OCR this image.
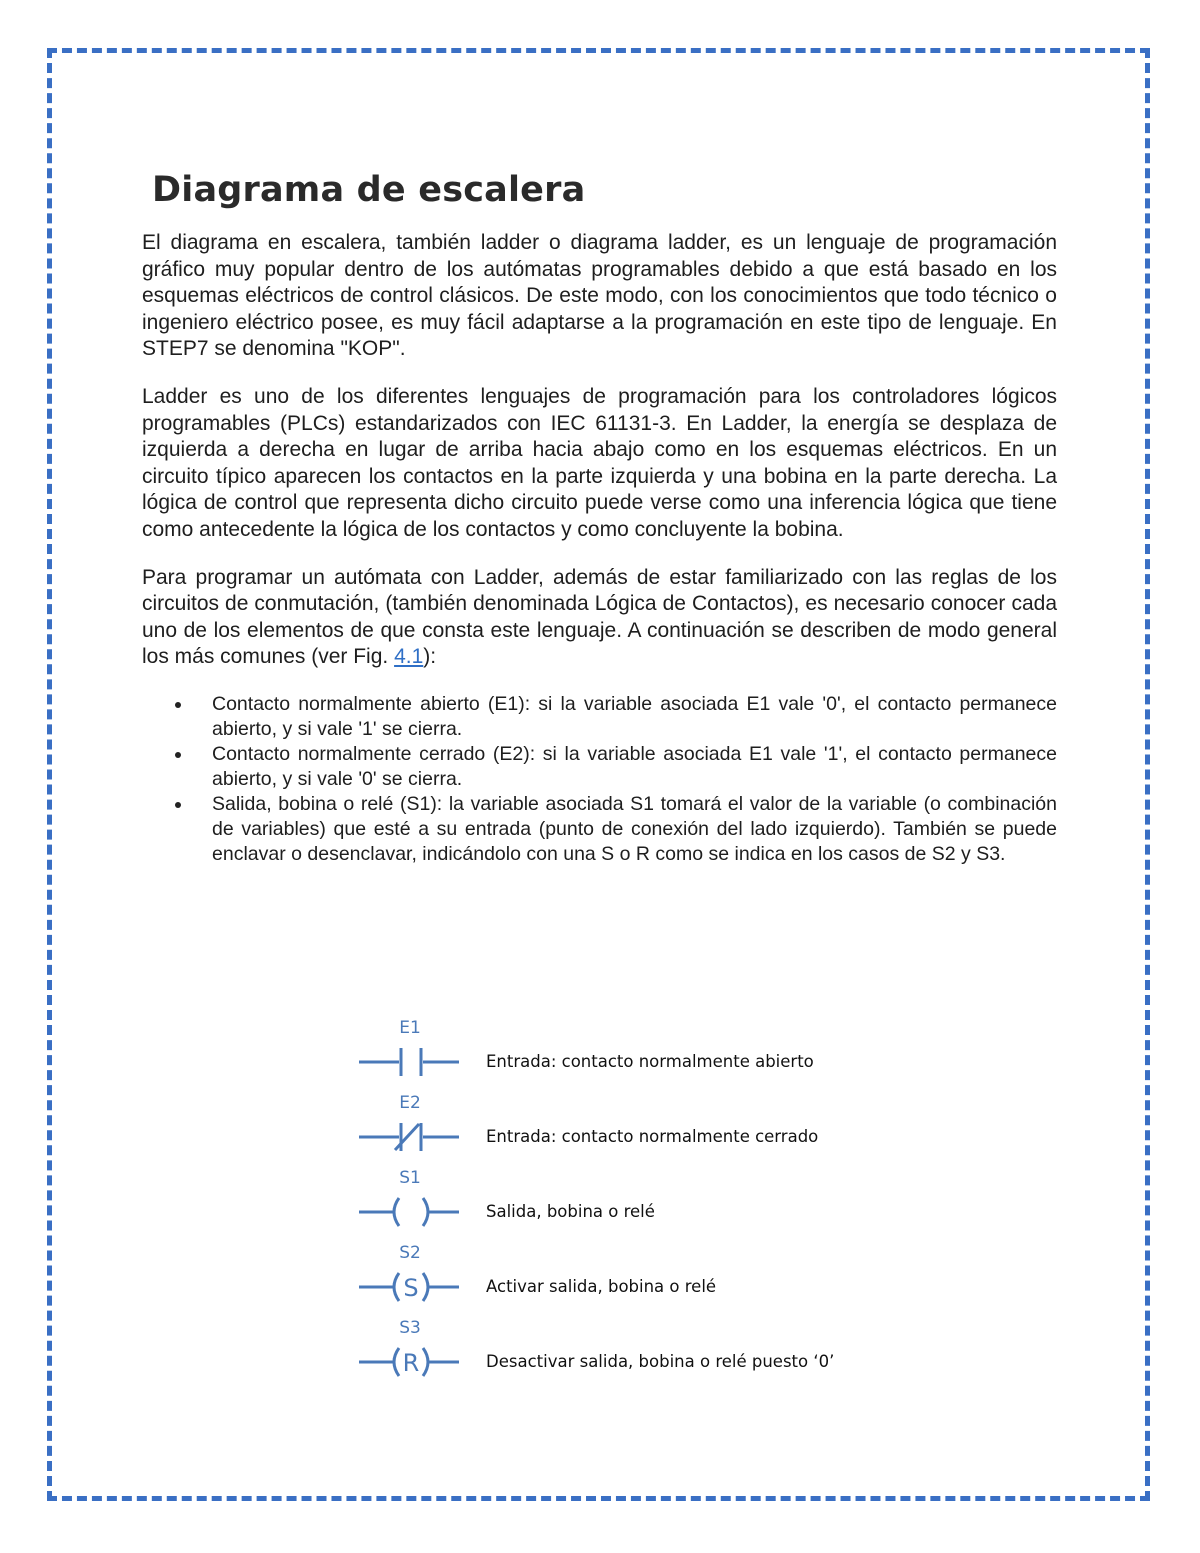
Diagrama de escalera

El diagrama en escalera, también ladder o diagrama ladder, es un lenguaje de programación gráfico muy popular dentro de los autómatas programables debido a que está basado en los esquemas eléctricos de control clásicos. De este modo, con los conocimientos que todo técnico o ingeniero eléctrico posee, es muy fácil adaptarse a la programación en este tipo de lenguaje. En STEP7 se denomina "KOP".

Ladder es uno de los diferentes lenguajes de programación para los controladores lógicos programables (PLCs) estandarizados con IEC 61131-3. En Ladder, la energía se desplaza de izquierda a derecha en lugar de arriba hacia abajo como en los esquemas eléctricos. En un circuito típico aparecen los contactos en la parte izquierda y una bobina en la parte derecha. La lógica de control que representa dicho circuito puede verse como una inferencia lógica que tiene como antecedente la lógica de los contactos y como concluyente la bobina.

Para programar un autómata con Ladder, además de estar familiarizado con las reglas de los circuitos de conmutación, (también denominada Lógica de Contactos), es necesario conocer cada uno de los elementos de que consta este lenguaje. A continuación se describen de modo general los más comunes (ver Fig. 4.1):

Contacto normalmente abierto (E1): si la variable asociada E1 vale '0', el contacto permanece abierto, y si vale '1' se cierra.
Contacto normalmente cerrado (E2): si la variable asociada E1 vale '1', el contacto permanece abierto, y si vale '0' se cierra.
Salida, bobina o relé (S1): la variable asociada S1 tomará el valor de la variable (o combinación de variables) que esté a su entrada (punto de conexión del lado izquierdo). También se puede enclavar o desenclavar, indicándolo con una S o R como se indica en los casos de S2 y S3.
E1
Entrada: contacto normalmente abierto
E2
Entrada: contacto normalmente cerrado
S1
Salida, bobina o relé
S2
S	Activar salida, bobina o relé
S3
R	Desactivar salida, bobina o relé puesto ‘0’
